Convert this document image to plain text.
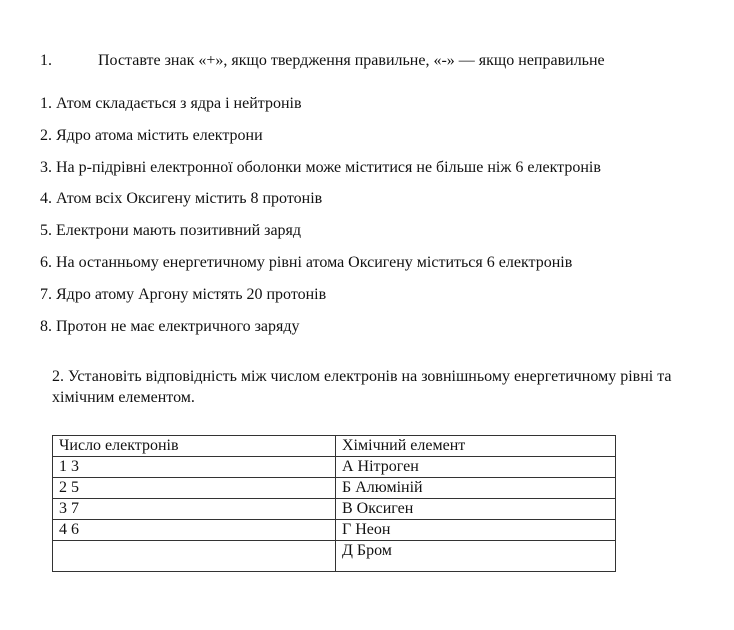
1.	Поставте знак «+», якщо твердження правильне, «-» — якщо неправильне
1. Атом складається з ядра і нейтронів
2. Ядро атома містить електрони
3. На p-підрівні електронної оболонки може міститися не більше ніж 6 електронів
4. Атом всіх Оксигену містить 8 протонів
5. Електрони мають позитивний заряд
6. На останньому енергетичному рівні атома Оксигену міститься 6 електронів
7. Ядро атому Аргону містять 20 протонів
8. Протон не має електричного заряду
2. Установіть відповідність між числом електронів на зовнішньому енергетичному рівні та хімічним елементом.
Число електронів	Хімічний елемент
1 3	А Нітроген
2 5	Б Алюміній
3 7	В Оксиген
4 6	Г Неон
	Д Бром
